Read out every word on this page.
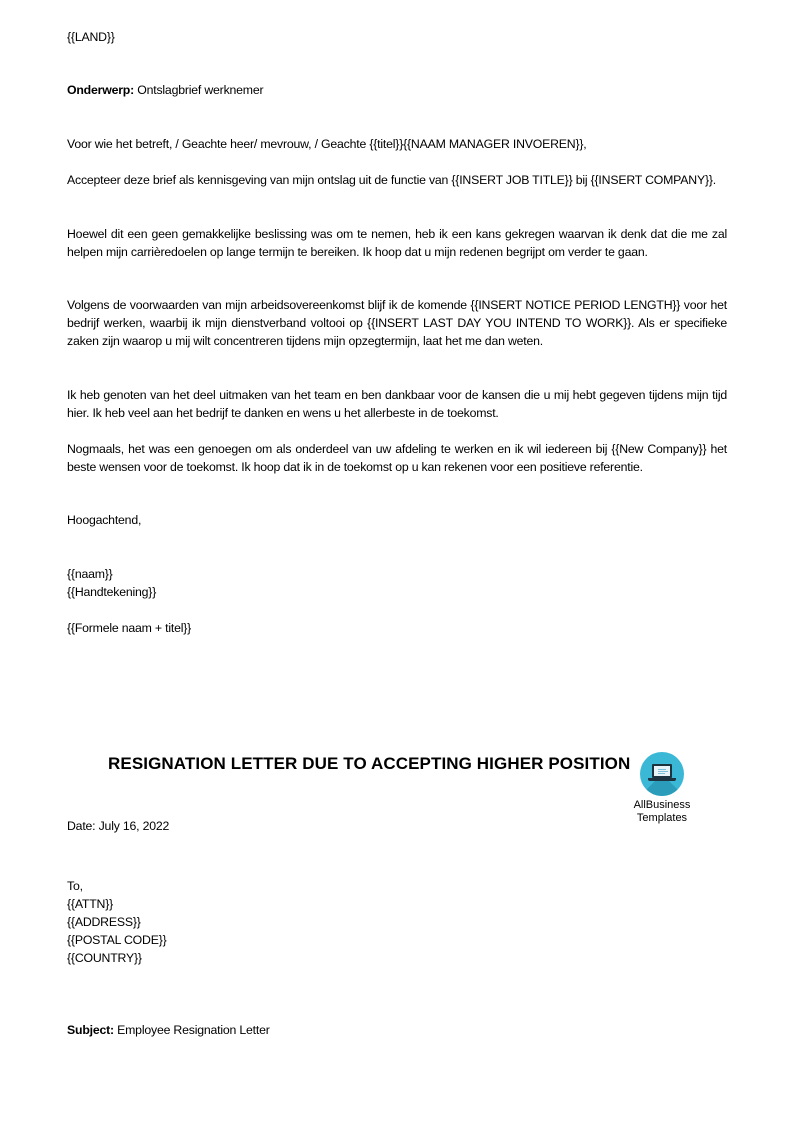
{{LAND}}
Onderwerp: Ontslagbrief werknemer
Voor wie het betreft, / Geachte heer/ mevrouw, / Geachte {{titel}}{{NAAM MANAGER INVOEREN}},
Accepteer deze brief als kennisgeving van mijn ontslag uit de functie van {{INSERT JOB TITLE}} bij {{INSERT COMPANY}}.
Hoewel dit een geen gemakkelijke beslissing was om te nemen, heb ik een kans gekregen waarvan ik denk dat die me zal helpen mijn carrièredoelen op lange termijn te bereiken. Ik hoop dat u mijn redenen begrijpt om verder te gaan.
Volgens de voorwaarden van mijn arbeidsovereenkomst blijf ik de komende {{INSERT NOTICE PERIOD LENGTH}} voor het bedrijf werken, waarbij ik mijn dienstverband voltooi op {{INSERT LAST DAY YOU INTEND TO WORK}}. Als er specifieke zaken zijn waarop u mij wilt concentreren tijdens mijn opzegtermijn, laat het me dan weten.
Ik heb genoten van het deel uitmaken van het team en ben dankbaar voor de kansen die u mij hebt gegeven tijdens mijn tijd hier. Ik heb veel aan het bedrijf te danken en wens u het allerbeste in de toekomst.
Nogmaals, het was een genoegen om als onderdeel van uw afdeling te werken en ik wil iedereen bij {{New Company}} het beste wensen voor de toekomst. Ik hoop dat ik in de toekomst op u kan rekenen voor een positieve referentie.
Hoogachtend,
{{naam}}
{{Handtekening}}
{{Formele naam + titel}}
RESIGNATION LETTER DUE TO ACCEPTING HIGHER POSITION
AllBusiness
Templates
Date: July 16, 2022
To,
{{ATTN}}
{{ADDRESS}}
{{POSTAL CODE}}
{{COUNTRY}}
Subject: Employee Resignation Letter
